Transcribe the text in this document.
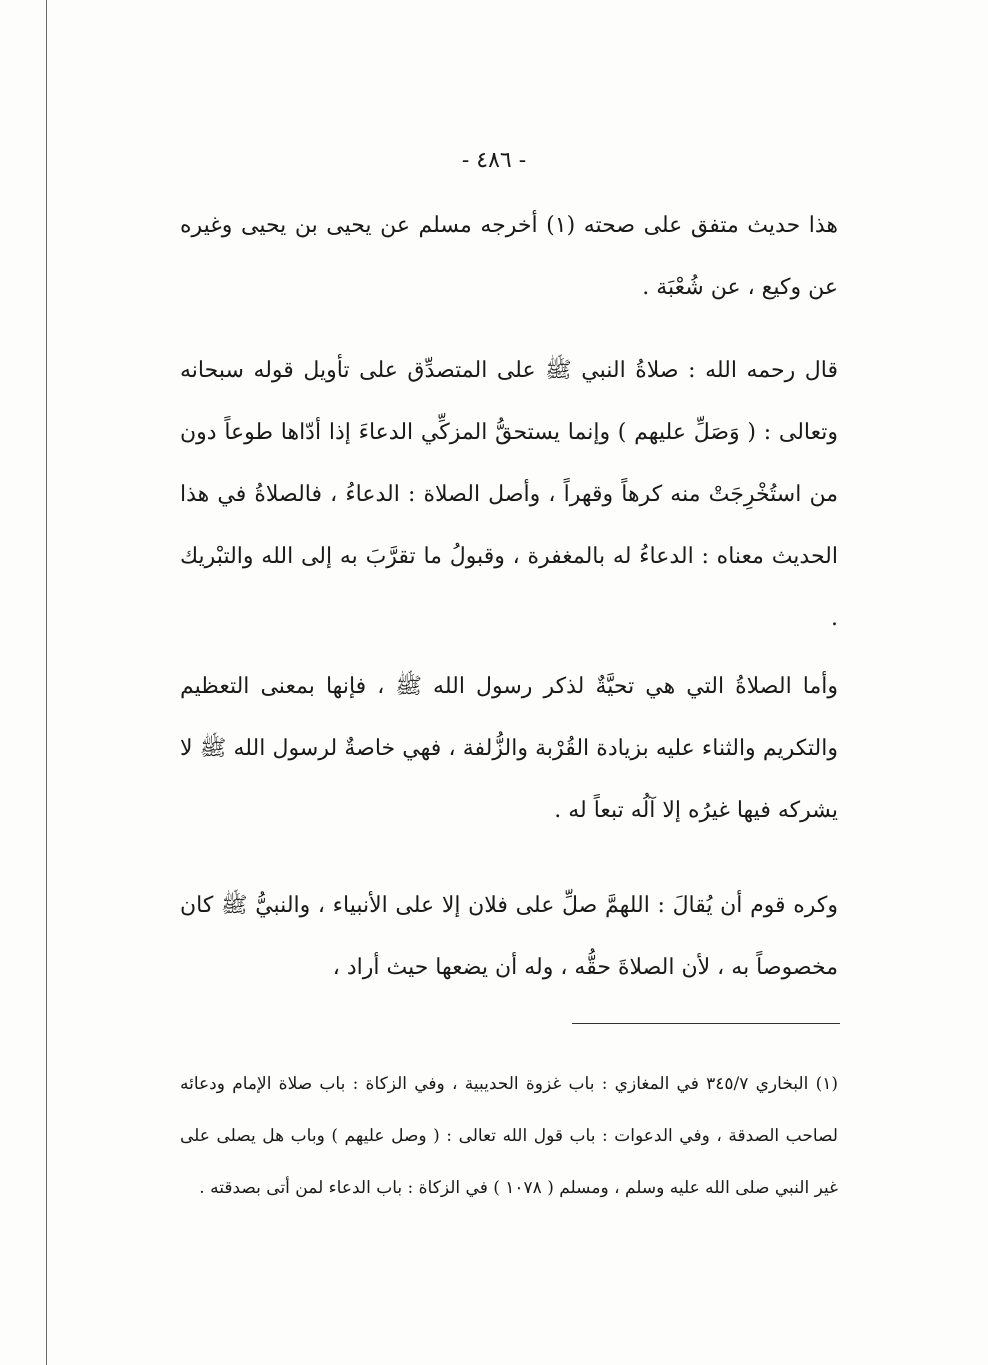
- ٤٨٦ -

هذا حديث متفق على صحته (١) أخرجه مسلم عن يحيى بن يحيى وغيره عن وكيع ، عن شُعْبَة .

قال رحمه الله : صلاةُ النبي ﷺ على المتصدِّق على تأويل قوله سبحانه وتعالى : ( وَصَلِّ عليهم ) وإنما يستحقُّ المزكِّي الدعاءَ إذا أدّاها طوعاً دون من استُخْرِجَتْ منه كرهاً وقهراً ، وأصل الصلاة : الدعاءُ ، فالصلاةُ في هذا الحديث معناه : الدعاءُ له بالمغفرة ، وقبولُ ما تقرَّبَ به إلى الله والتبْريك .

وأما الصلاةُ التي هي تحيَّةٌ لذكر رسول الله ﷺ ، فإنها بمعنى التعظيم والتكريم والثناء عليه بزيادة القُرْبة والزُّلفة ، فهي خاصةٌ لرسول الله ﷺ لا يشركه فيها غيرُه إلا آلُه تبعاً له .

وكره قوم أن يُقالَ : اللهمَّ صلِّ على فلان إلا على الأنبياء ، والنبيُّ ﷺ كان مخصوصاً به ، لأن الصلاةَ حقُّه ، وله أن يضعها حيث أراد ،

(١) البخاري ٣٤٥/٧ في المغازي : باب غزوة الحديبية ، وفي الزكاة : باب صلاة الإمام ودعائه لصاحب الصدقة ، وفي الدعوات : باب قول الله تعالى : ( وصل عليهم ) وباب هل يصلى على غير النبي صلى الله عليه وسلم ، ومسلم ( ١٠٧٨ ) في الزكاة : باب الدعاء لمن أتى بصدقته .
